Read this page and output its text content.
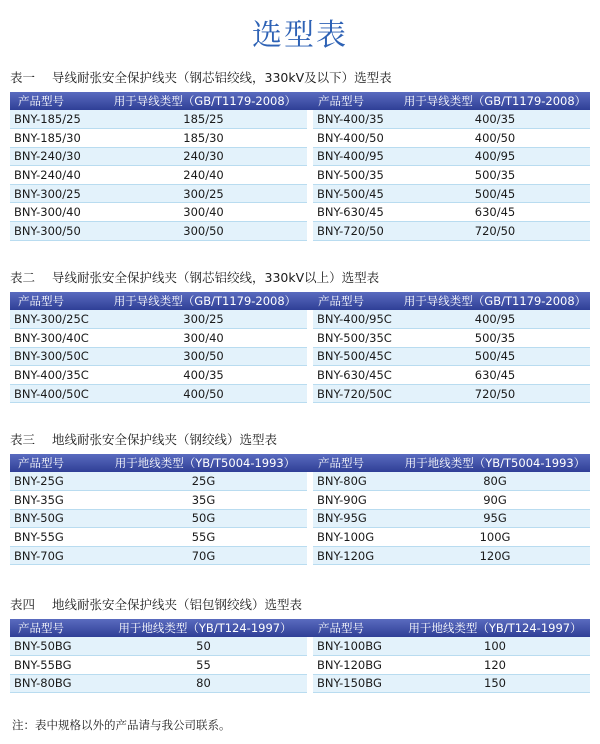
选型表
表一 导线耐张安全保护线夹（钢芯铝绞线，330kV及以下）选型表
产品型号	用于导线类型（GB/T1179-2008）	产品型号	用于导线类型（GB/T1179-2008）
BNY-185/25	185/25	BNY-400/35	400/35
BNY-185/30	185/30	BNY-400/50	400/50
BNY-240/30	240/30	BNY-400/95	400/95
BNY-240/40	240/40	BNY-500/35	500/35
BNY-300/25	300/25	BNY-500/45	500/45
BNY-300/40	300/40	BNY-630/45	630/45
BNY-300/50	300/50	BNY-720/50	720/50
表二 导线耐张安全保护线夹（钢芯铝绞线，330kV以上）选型表
产品型号	用于导线类型（GB/T1179-2008）	产品型号	用于导线类型（GB/T1179-2008）
BNY-300/25C	300/25	BNY-400/95C	400/95
BNY-300/40C	300/40	BNY-500/35C	500/35
BNY-300/50C	300/50	BNY-500/45C	500/45
BNY-400/35C	400/35	BNY-630/45C	630/45
BNY-400/50C	400/50	BNY-720/50C	720/50
表三 地线耐张安全保护线夹（钢绞线）选型表
产品型号	用于地线类型（YB/T5004-1993）	产品型号	用于地线类型（YB/T5004-1993）
BNY-25G	25G	BNY-80G	80G
BNY-35G	35G	BNY-90G	90G
BNY-50G	50G	BNY-95G	95G
BNY-55G	55G	BNY-100G	100G
BNY-70G	70G	BNY-120G	120G
表四 地线耐张安全保护线夹（铝包钢绞线）选型表
产品型号	用于地线类型（YB/T124-1997）	产品型号	用于地线类型（YB/T124-1997）
BNY-50BG	50	BNY-100BG	100
BNY-55BG	55	BNY-120BG	120
BNY-80BG	80	BNY-150BG	150
注：表中规格以外的产品请与我公司联系。
